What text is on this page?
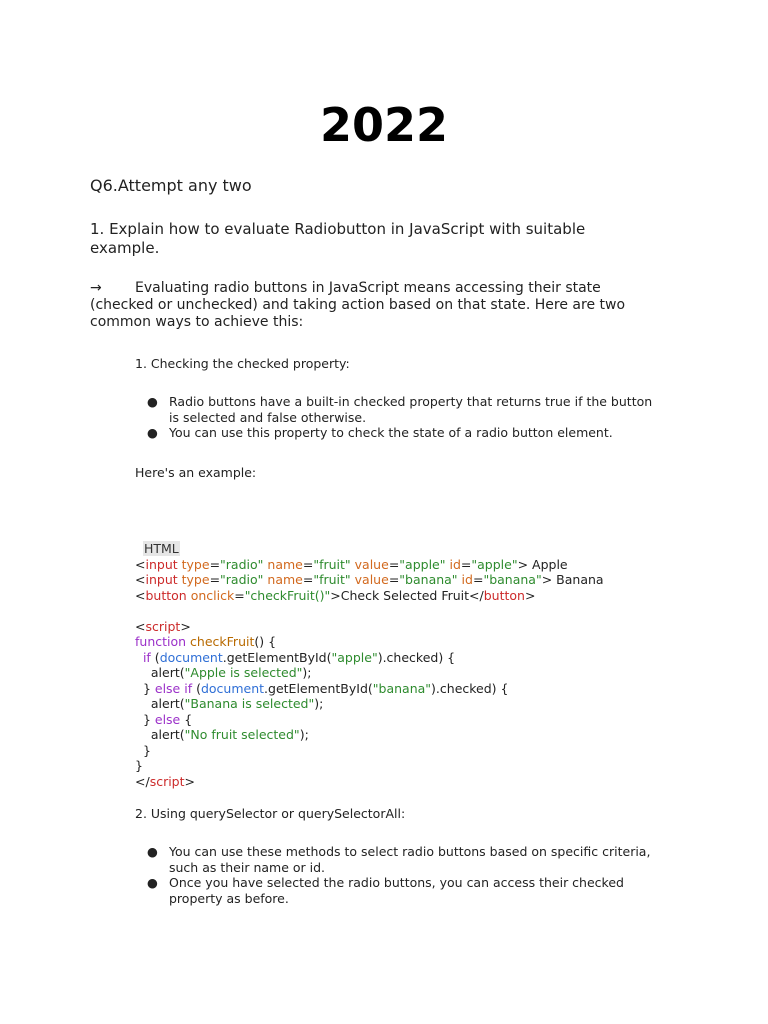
2022

Q6.Attempt any two

1. Explain how to evaluate Radiobutton in JavaScript with suitable example.

→ Evaluating radio buttons in JavaScript means accessing their state (checked or unchecked) and taking action based on that state. Here are two common ways to achieve this:

1. Checking the checked property:

● Radio buttons have a built-in checked property that returns true if the button is selected and false otherwise.
● You can use this property to check the state of a radio button element.

Here's an example:

HTML
<input type="radio" name="fruit" value="apple" id="apple"> Apple
<input type="radio" name="fruit" value="banana" id="banana"> Banana
<button onclick="checkFruit()">Check Selected Fruit</button>

<script>
function checkFruit() {
if (document.getElementById("apple").checked) {
alert("Apple is selected");
} else if (document.getElementById("banana").checked) {
alert("Banana is selected");
} else {
alert("No fruit selected");
}
}
</script>

2. Using querySelector or querySelectorAll:

● You can use these methods to select radio buttons based on specific criteria, such as their name or id.
● Once you have selected the radio buttons, you can access their checked property as before.
